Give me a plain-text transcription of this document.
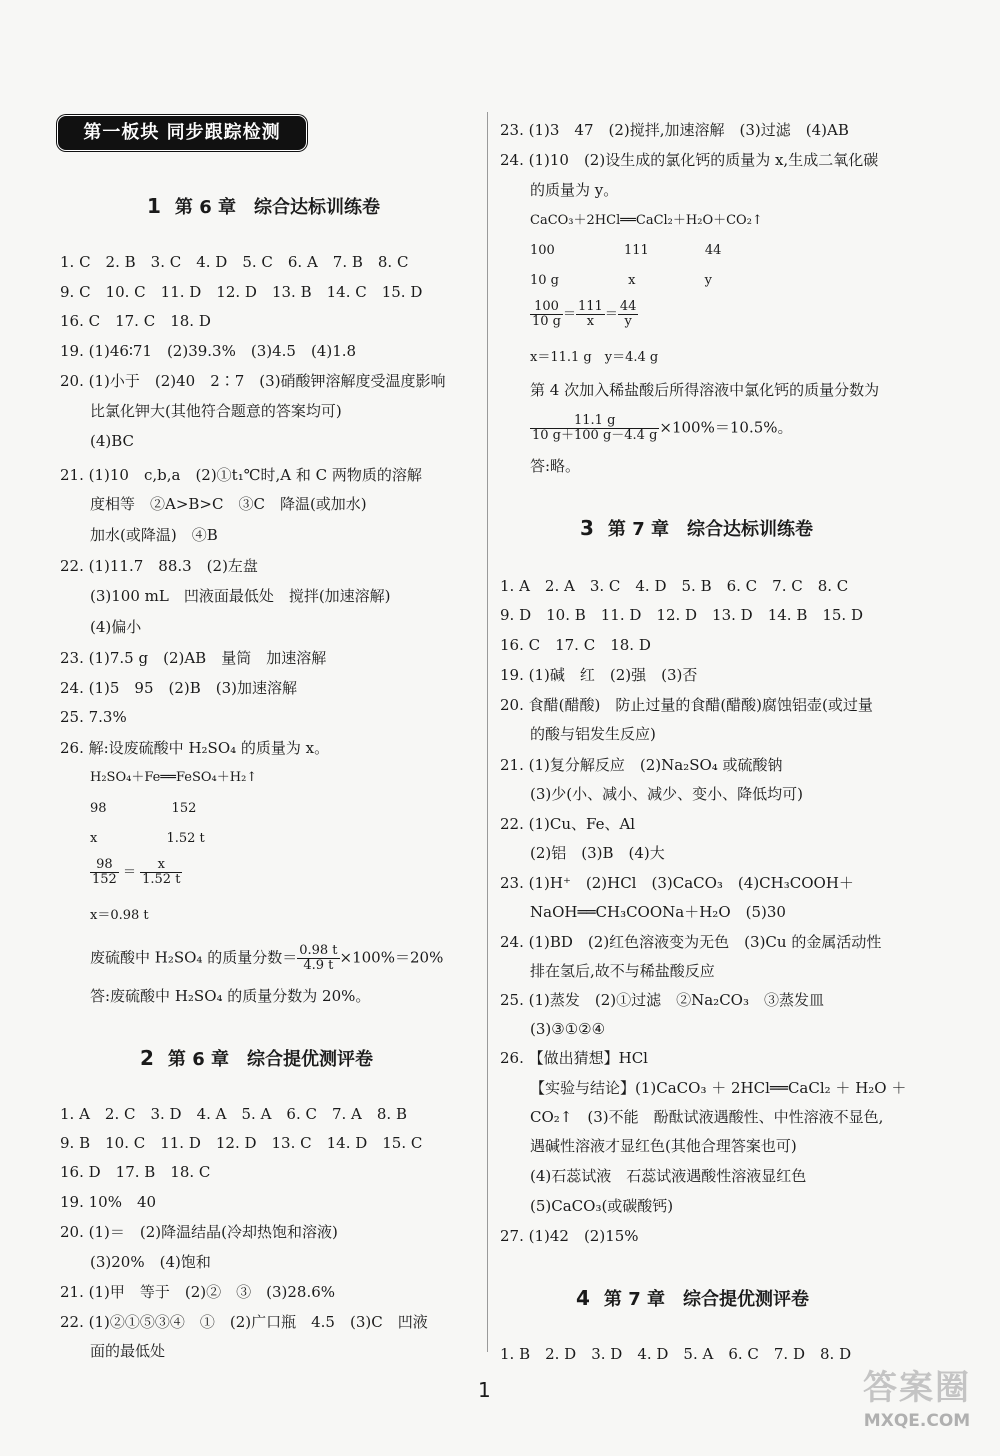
第一板块 同步跟踪检测
1 第 6 章　综合达标训练卷
1. C　2. B　3. C　4. D　5. C　6. A　7. B　8. C
9. C　10. C　11. D　12. D　13. B　14. C　15. D
16. C　17. C　18. D
19. (1)46∶71　(2)39.3%　(3)4.5　(4)1.8
20. (1)小于　(2)40　2∶7　(3)硝酸钾溶解度受温度影响
比氯化钾大(其他符合题意的答案均可)
(4)BC
21. (1)10　c,b,a　(2)①t₁℃时,A 和 C 两物质的溶解
度相等　②A>B>C　③C　降温(或加水)
加水(或降温)　④B
22. (1)11.7　88.3　(2)左盘
(3)100 mL　凹液面最低处　搅拌(加速溶解)
(4)偏小
23. (1)7.5 g　(2)AB　量筒　加速溶解
24. (1)5　95　(2)B　(3)加速溶解
25. 7.3%
26. 解:设废硫酸中 H₂SO₄ 的质量为 x。
H₂SO₄＋Fe══FeSO₄＋H₂↑
98　　　　　152
x　　　　　 1.52 t
$\frac{98}{152} = \frac{x}{1.52 t}$
x＝0.98 t
废硫酸中 H₂SO₄ 的质量分数＝ $\frac{0.98 t}{4.9 t} \times 100\%=20\%$
答:废硫酸中 H₂SO₄ 的质量分数为 20%。
2 第 6 章　综合提优测评卷
1. A　2. C　3. D　4. A　5. A　6. C　7. A　8. B
9. B　10. C　11. D　12. D　13. C　14. D　15. C
16. D　17. B　18. C
19. 10%　40
20. (1)＝　(2)降温结晶(冷却热饱和溶液)
(3)20%　(4)饱和
21. (1)甲　等于　(2)②　③　(3)28.6%
22. (1)②①⑤③④　①　(2)广口瓶　4.5　(3)C　凹液
面的最低处
23. (1)3　47　(2)搅拌,加速溶解　(3)过滤　(4)AB
24. (1)10　(2)设生成的氯化钙的质量为 x,生成二氧化碳
的质量为 y。
CaCO₃＋2HCl══CaCl₂＋H₂O＋CO₂↑
100　　　　　 111　　　　 44
10 g　　　　　 x　　　　　 y
$\frac{100}{10 g} = \frac{111}{x} = \frac{44}{y}$
x＝11.1 g　y＝4.4 g
第 4 次加入稀盐酸后所得溶液中氯化钙的质量分数为
$\frac{11.1 g}{10 g+100 g-4.4 g} \times 100\%=10.5\%$。
答:略。
3 第 7 章　综合达标训练卷
1. A　2. A　3. C　4. D　5. B　6. C　7. C　8. C
9. D　10. B　11. D　12. D　13. D　14. B　15. D
16. C　17. C　18. D
19. (1)碱　红　(2)强　(3)否
20. 食醋(醋酸)　防止过量的食醋(醋酸)腐蚀铝壶(或过量
的酸与铝发生反应)
21. (1)复分解反应　(2)Na₂SO₄ 或硫酸钠
(3)少(小、减小、减少、变小、降低均可)
22. (1)Cu、Fe、Al
(2)铝　(3)B　(4)大
23. (1)H⁺　(2)HCl　(3)CaCO₃　(4)CH₃COOH＋
NaOH══CH₃COONa＋H₂O　(5)30
24. (1)BD　(2)红色溶液变为无色　(3)Cu 的金属活动性
排在氢后,故不与稀盐酸反应
25. (1)蒸发　(2)①过滤　②Na₂CO₃　③蒸发皿
(3)③①②④
26. 【做出猜想】HCl
【实验与结论】(1)CaCO₃ ＋ 2HCl══CaCl₂ ＋ H₂O ＋
CO₂↑　(3)不能　酚酞试液遇酸性、中性溶液不显色,
遇碱性溶液才显红色(其他合理答案也可)
(4)石蕊试液　石蕊试液遇酸性溶液显红色
(5)CaCO₃(或碳酸钙)
27. (1)42　(2)15%
4 第 7 章　综合提优测评卷
1. B　2. D　3. D　4. D　5. A　6. C　7. D　8. D
1	答案圈
MXQE.COM
